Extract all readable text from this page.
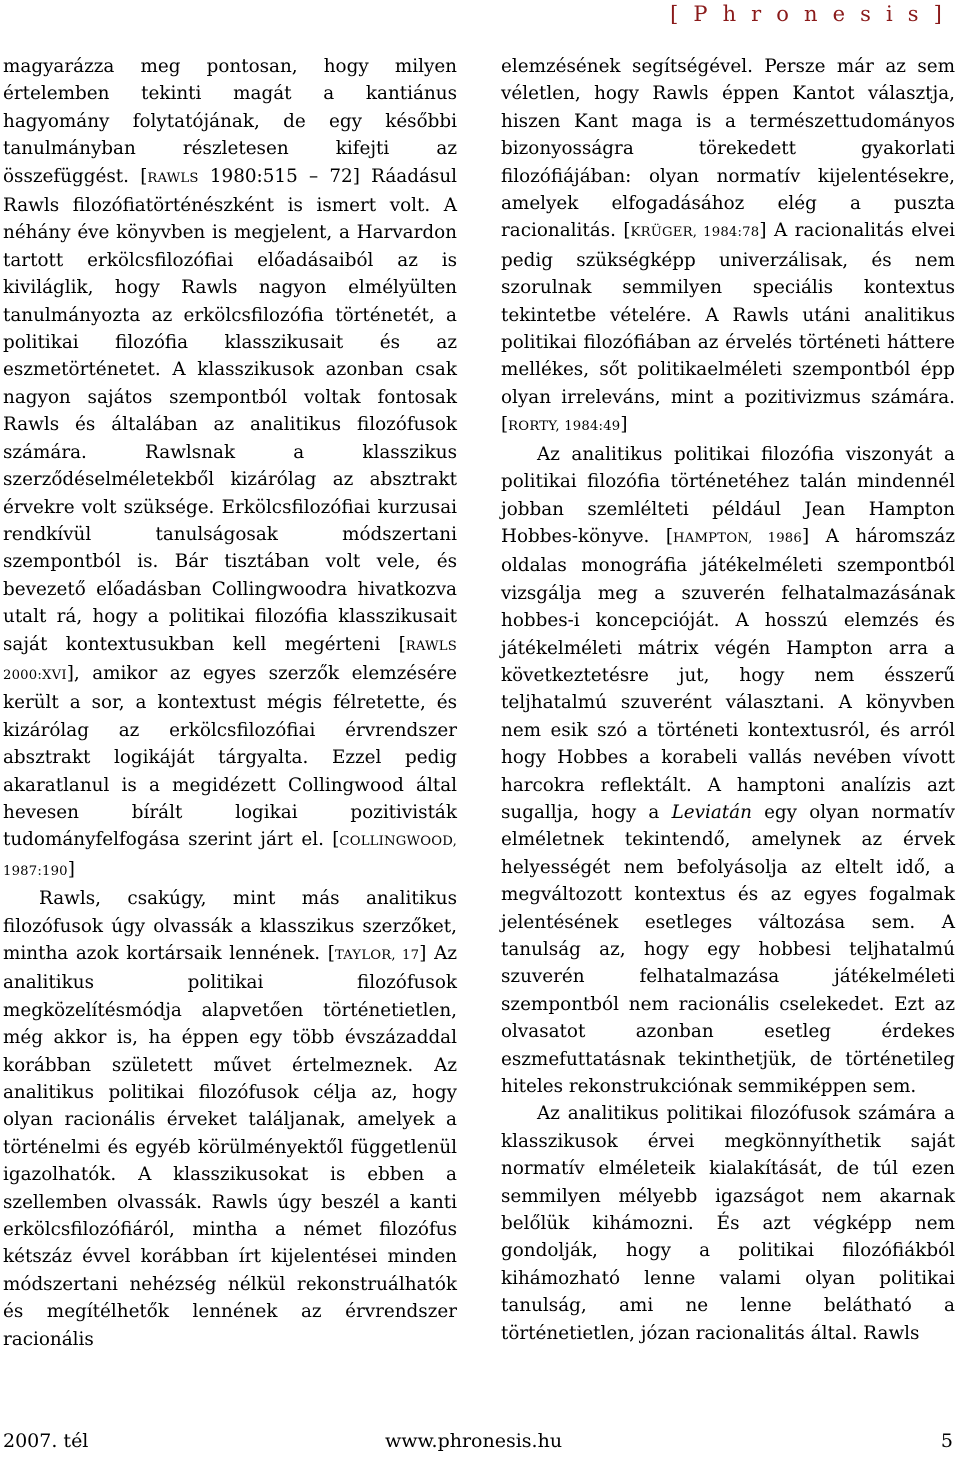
[ P h r o n e s i s ]

magyarázza meg pontosan, hogy milyen értelemben tekinti magát a kantiánus hagyomány folytatójának, de egy későbbi tanulmányban részletesen kifejti az összefüggést. [RAWLS 1980:515 – 72] Ráadásul Rawls filozófiatörténészként is ismert volt. A néhány éve könyvben is megjelent, a Harvardon tartott erkölcsfilozófiai előadásaiból az is kiviláglik, hogy Rawls nagyon elmélyülten tanulmányozta az erkölcsfilozófia történetét, a politikai filozófia klasszikusait és az eszmetörténetet. A klasszikusok azonban csak nagyon sajátos szempontból voltak fontosak Rawls és általában az analitikus filozófusok számára. Rawlsnak a klasszikus szerződéselméletekből kizárólag az absztrakt érvekre volt szüksége. Erkölcsfilozófiai kurzusai rendkívül tanulságosak módszertani szempontból is. Bár tisztában volt vele, és bevezető előadásban Collingwoodra hivatkozva utalt rá, hogy a politikai filozófia klasszikusait saját kontextusukban kell megérteni [RAWLS 2000:XVI], amikor az egyes szerzők elemzésére került a sor, a kontextust mégis félretette, és kizárólag az erkölcsfilozófiai érvrendszer absztrakt logikáját tárgyalta. Ezzel pedig akaratlanul is a megidézett Collingwood által hevesen bírált logikai pozitivisták tudományfelfogása szerint járt el. [COLLINGWOOD, 1987:190]

Rawls, csakúgy, mint más analitikus filozófusok úgy olvassák a klasszikus szerzőket, mintha azok kortársaik lennének. [TAYLOR, 17] Az analitikus politikai filozófusok megközelítésmódja alapvetően történetietlen, még akkor is, ha éppen egy több évszázaddal korábban született művet értelmeznek. Az analitikus politikai filozófusok célja az, hogy olyan racionális érveket találjanak, amelyek a történelmi és egyéb körülményektől függetlenül igazolhatók. A klasszikusokat is ebben a szellemben olvassák. Rawls úgy beszél a kanti erkölcsfilozófiáról, mintha a német filozófus kétszáz évvel korábban írt kijelentései minden módszertani nehézség nélkül rekonstruálhatók és megítélhetők lennének az érvrendszer racionális

elemzésének segítségével. Persze már az sem véletlen, hogy Rawls éppen Kantot választja, hiszen Kant maga is a természettudományos bizonyosságra törekedett gyakorlati filozófiájában: olyan normatív kijelentésekre, amelyek elfogadásához elég a puszta racionalitás. [KRÜGER, 1984:78] A racionalitás elvei pedig szükségképp univerzálisak, és nem szorulnak semmilyen speciális kontextus tekintetbe vételére. A Rawls utáni analitikus politikai filozófiában az érvelés történeti háttere mellékes, sőt politikaelméleti szempontból épp olyan irreleváns, mint a pozitivizmus számára. [RORTY, 1984:49]

Az analitikus politikai filozófia viszonyát a politikai filozófia történetéhez talán mindennél jobban szemlélteti például Jean Hampton Hobbes-könyve. [HAMPTON, 1986] A háromszáz oldalas monográfia játékelméleti szempontból vizsgálja meg a szuverén felhatalmazásának hobbes-i koncepcióját. A hosszú elemzés és játékelméleti mátrix végén Hampton arra a következtetésre jut, hogy nem ésszerű teljhatalmú szuverént választani. A könyvben nem esik szó a történeti kontextusról, és arról hogy Hobbes a korabeli vallás nevében vívott harcokra reflektált. A hamptoni analízis azt sugallja, hogy a Leviatán egy olyan normatív elméletnek tekintendő, amelynek az érvek helyességét nem befolyásolja az eltelt idő, a megváltozott kontextus és az egyes fogalmak jelentésének esetleges változása sem. A tanulság az, hogy egy hobbesi teljhatalmú szuverén felhatalmazása játékelméleti szempontból nem racionális cselekedet. Ezt az olvasatot azonban esetleg érdekes eszmefuttatásnak tekinthetjük, de történetileg hiteles rekonstrukciónak semmiképpen sem.

Az analitikus politikai filozófusok számára a klasszikusok érvei megkönnyíthetik saját normatív elméleteik kialakítását, de túl ezen semmilyen mélyebb igazságot nem akarnak belőlük kihámozni. És azt végképp nem gondolják, hogy a politikai filozófiákból kihámozható lenne valami olyan politikai tanulság, ami ne lenne belátható a történetietlen, józan racionalitás által. Rawls

2007. tél	www.phronesis.hu	5
